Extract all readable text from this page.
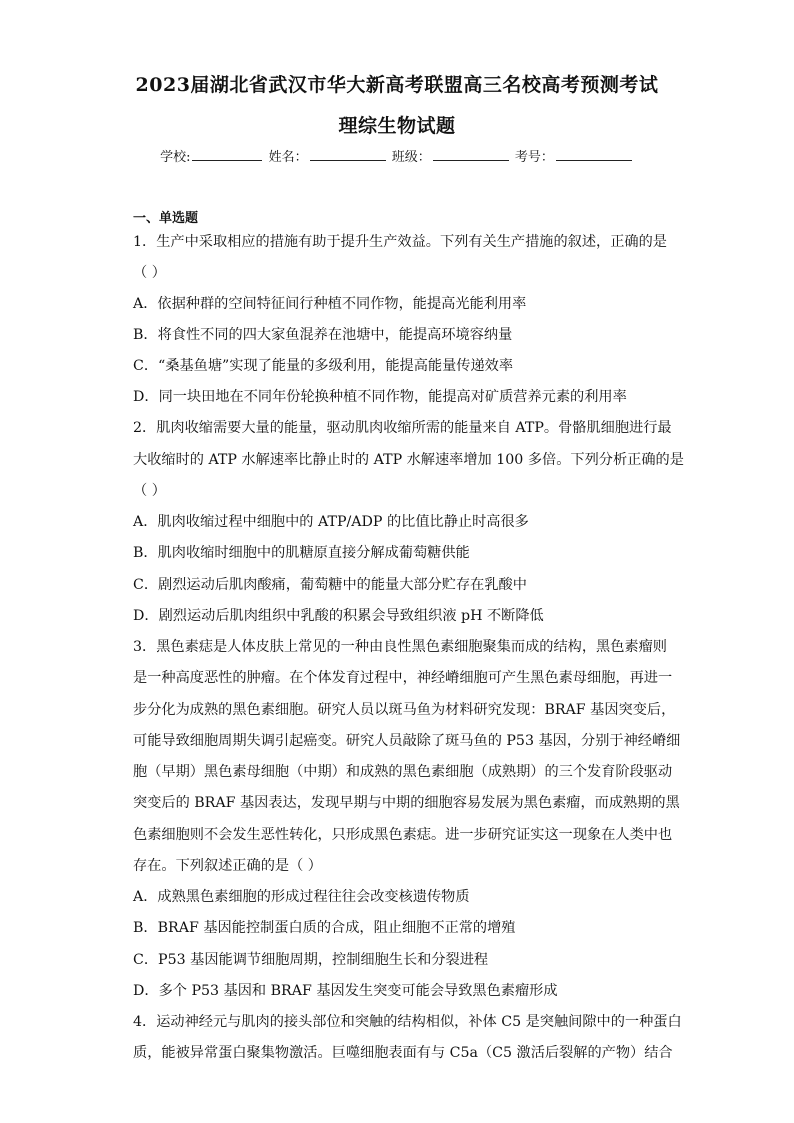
2023届湖北省武汉市华大新高考联盟高三名校高考预测考试
理综生物试题
学校:	姓名：	班级：	考号：
一、单选题
1．生产中采取相应的措施有助于提升生产效益。下列有关生产措施的叙述，正确的是
（ ）
A．依据种群的空间特征间行种植不同作物，能提高光能利用率
B．将食性不同的四大家鱼混养在池塘中，能提高环境容纳量
C．“桑基鱼塘”实现了能量的多级利用，能提高能量传递效率
D．同一块田地在不同年份轮换种植不同作物，能提高对矿质营养元素的利用率
2．肌肉收缩需要大量的能量，驱动肌肉收缩所需的能量来自 ATP。骨骼肌细胞进行最
大收缩时的 ATP 水解速率比静止时的 ATP 水解速率增加 100 多倍。下列分析正确的是
（ ）
A．肌肉收缩过程中细胞中的 ATP/ADP 的比值比静止时高很多
B．肌肉收缩时细胞中的肌糖原直接分解成葡萄糖供能
C．剧烈运动后肌肉酸痛，葡萄糖中的能量大部分贮存在乳酸中
D．剧烈运动后肌肉组织中乳酸的积累会导致组织液 pH 不断降低
3．黑色素痣是人体皮肤上常见的一种由良性黑色素细胞聚集而成的结构，黑色素瘤则
是一种高度恶性的肿瘤。在个体发育过程中，神经嵴细胞可产生黑色素母细胞，再进一
步分化为成熟的黑色素细胞。研究人员以斑马鱼为材料研究发现：BRAF 基因突变后，
可能导致细胞周期失调引起癌变。研究人员敲除了斑马鱼的 P53 基因，分别于神经嵴细
胞（早期）黑色素母细胞（中期）和成熟的黑色素细胞（成熟期）的三个发育阶段驱动
突变后的 BRAF 基因表达，发现早期与中期的细胞容易发展为黑色素瘤，而成熟期的黑
色素细胞则不会发生恶性转化，只形成黑色素痣。进一步研究证实这一现象在人类中也
存在。下列叙述正确的是（ ）
A．成熟黑色素细胞的形成过程往往会改变核遗传物质
B．BRAF 基因能控制蛋白质的合成，阻止细胞不正常的增殖
C．P53 基因能调节细胞周期，控制细胞生长和分裂进程
D．多个 P53 基因和 BRAF 基因发生突变可能会导致黑色素瘤形成
4．运动神经元与肌肉的接头部位和突触的结构相似，补体 C5 是突触间隙中的一种蛋白
质，能被异常蛋白聚集物激活。巨噬细胞表面有与 C5a（C5 激活后裂解的产物）结合
